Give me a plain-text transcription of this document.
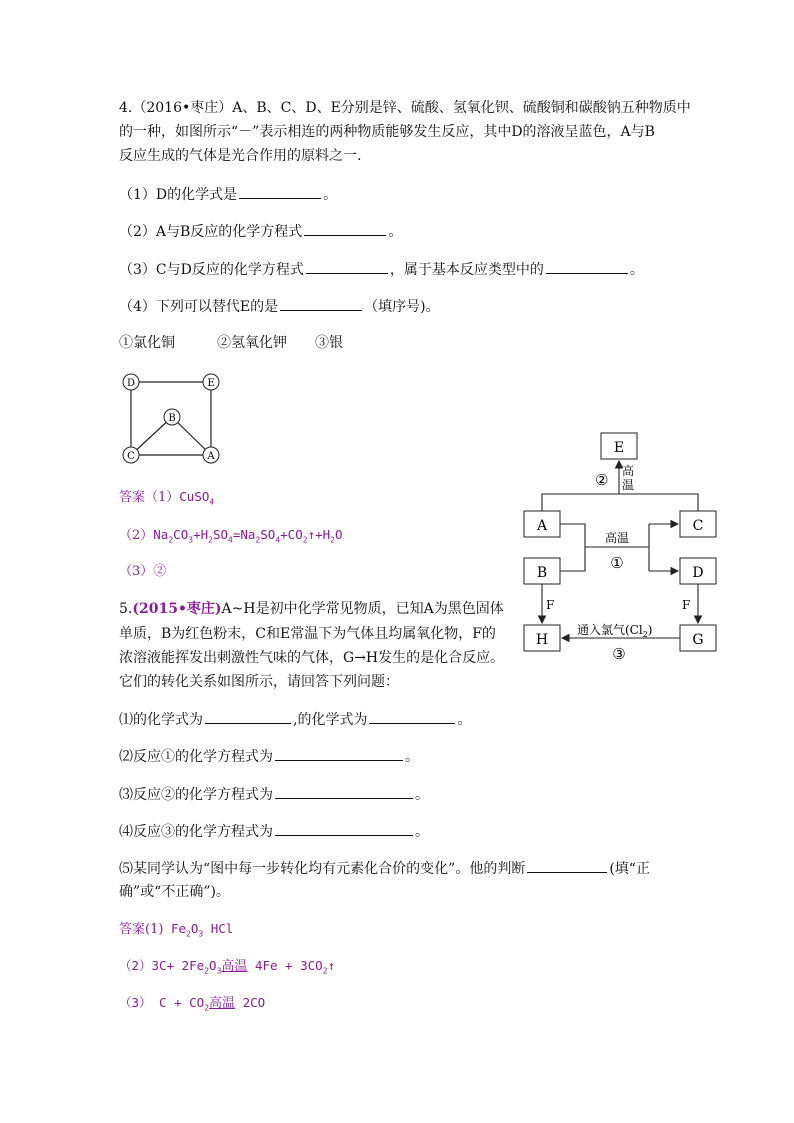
4.（2016•枣庄）A、B、C、D、E分别是锌、硫酸、氢氧化钡、硫酸铜和碳酸钠五种物质中
的一种，如图所示“－”表示相连的两种物质能够发生反应，其中D的溶液呈蓝色，A与B
反应生成的气体是光合作用的原料之一.
（1）D的化学式是	。
（2）A与B反应的化学方程式	。
（3）C与D反应的化学方程式	，属于基本反应类型中的	。
（4）下列可以替代E的是	（填序号)。
①氯化铜　　　②氢氧化钾　　③银
D	E
B
C	A
答案（1）CuSO$_4$
$(2)Na_2CO_3+H_2SO_4=Na_2SO_4+CO_2↑+H_2O$
（3）②
5.(2015•枣庄)A~H是初中化学常见物质，已知A为黑色固体
单质，B为红色粉末，C和E常温下为气体且均属氧化物，F的
浓溶液能挥发出刺激性气味的气体，G→H发生的是化合反应。
它们的转化关系如图所示，请回答下列问题：
⑴的化学式为	,的化学式为	。
⑵反应①的化学方程式为	。
⑶反应②的化学方程式为	。
⑷反应③的化学方程式为	。
⑸某同学认为“图中每一步转化均有元素化合价的变化”。他的判断	(填“正
确”或“不正确”)。
答案(1) $Fe_2O_3$ HCl
$(2)3C+ 2Fe_2O_3$高温 $4Fe + 3CO_2↑$
（3） $C + CO_2$高温 2CO
E
A	C
B	D
H	G
高
温
②
高温
①
F	F
通入氯气$(Cl_2)$
③
